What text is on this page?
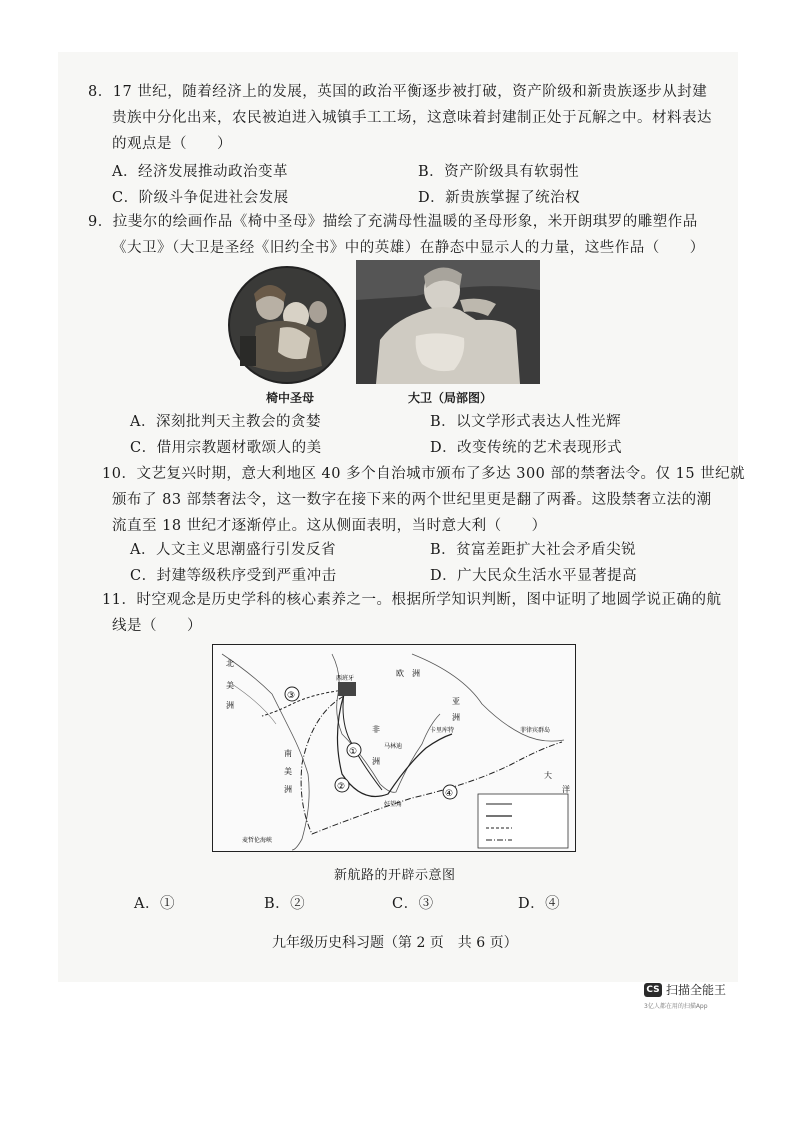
8．17 世纪，随着经济上的发展，英国的政治平衡逐步被打破，资产阶级和新贵族逐步从封建
贵族中分化出来，农民被迫进入城镇手工工场，这意味着封建制正处于瓦解之中。材料表达
的观点是（　　）
A．经济发展推动政治变革	B．资产阶级具有软弱性
C．阶级斗争促进社会发展	D．新贵族掌握了统治权
9．拉斐尔的绘画作品《椅中圣母》描绘了充满母性温暖的圣母形象，米开朗琪罗的雕塑作品
《大卫》（大卫是圣经《旧约全书》中的英雄）在静态中显示人的力量，这些作品（　　）
椅中圣母	大卫（局部图）
A．深刻批判天主教会的贪婪	B．以文学形式表达人性光辉
C．借用宗教题材歌颂人的美	D．改变传统的艺术表现形式
10．文艺复兴时期，意大利地区 40 多个自治城市颁布了多达 300 部的禁奢法令。仅 15 世纪就
颁布了 83 部禁奢法令，这一数字在接下来的两个世纪里更是翻了两番。这股禁奢立法的潮
流直至 18 世纪才逐渐停止。这从侧面表明，当时意大利（　　）
A．人文主义思潮盛行引发反省	B．贫富差距扩大社会矛盾尖锐
C．封建等级秩序受到严重冲击	D．广大民众生活水平显著提高
11．时空观念是历史学科的核心素养之一。根据所学知识判断，图中证明了地圆学说正确的航
线是（　　）
北
美
洲
南
美
洲
欧 洲
非
洲
亚
洲
大
洋
西班牙
卡里库特
马林迪
好望角
菲律宾群岛
麦哲伦海峡
③
①
②
④
新航路的开辟示意图
A．①	B．②	C．③	D．④
九年级历史科习题（第 2 页　共 6 页）
CS 扫描全能王
3亿人都在用的扫描App
